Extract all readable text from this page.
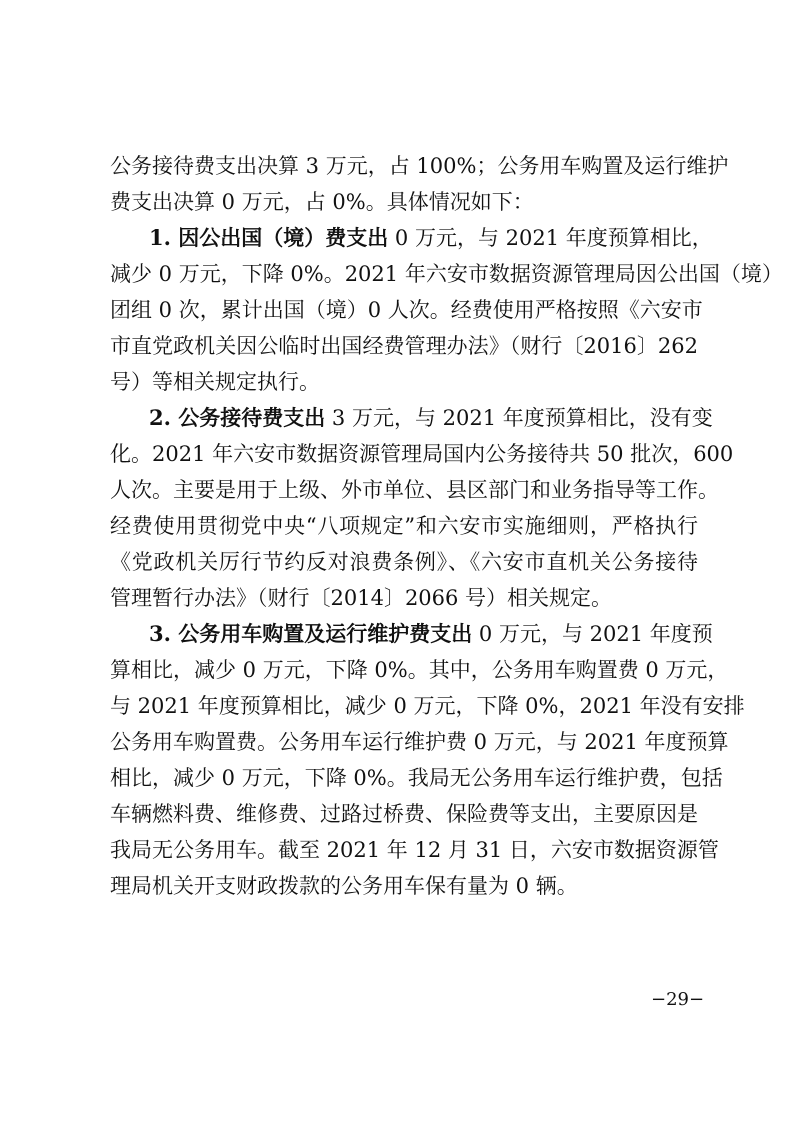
公务接待费支出决算 3 万元，占 100%；公务用车购置及运行维护
费支出决算 0 万元，占 0%。具体情况如下：
1. 因公出国（境）费支出 0 万元，与 2021 年度预算相比，
减少 0 万元，下降 0%。2021 年六安市数据资源管理局因公出国（境）
团组 0 次，累计出国（境）0 人次。经费使用严格按照《六安市
市直党政机关因公临时出国经费管理办法》（财行〔2016〕262
号）等相关规定执行。
2. 公务接待费支出 3 万元，与 2021 年度预算相比，没有变
化。2021 年六安市数据资源管理局国内公务接待共 50 批次，600
人次。主要是用于上级、外市单位、县区部门和业务指导等工作。
经费使用贯彻党中央“八项规定”和六安市实施细则，严格执行
《党政机关厉行节约反对浪费条例》、《六安市直机关公务接待
管理暂行办法》（财行〔2014〕2066 号）相关规定。
3. 公务用车购置及运行维护费支出 0 万元，与 2021 年度预
算相比，减少 0 万元，下降 0%。其中，公务用车购置费 0 万元，
与 2021 年度预算相比，减少 0 万元，下降 0%，2021 年没有安排
公务用车购置费。公务用车运行维护费 0 万元，与 2021 年度预算
相比，减少 0 万元，下降 0%。我局无公务用车运行维护费，包括
车辆燃料费、维修费、过路过桥费、保险费等支出，主要原因是
我局无公务用车。截至 2021 年 12 月 31 日，六安市数据资源管
理局机关开支财政拨款的公务用车保有量为 0 辆。
−29−
